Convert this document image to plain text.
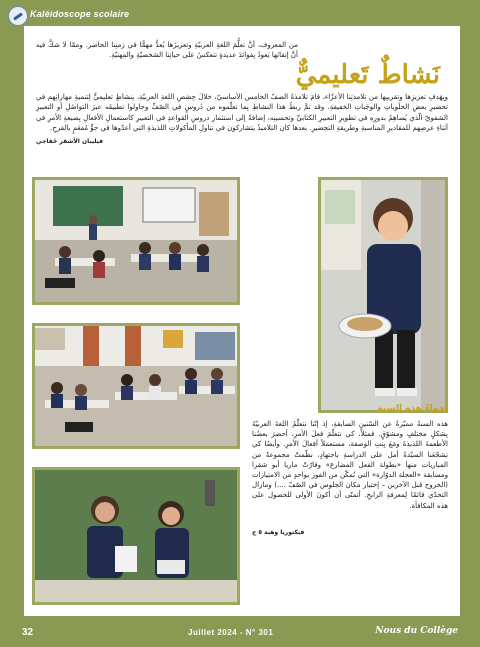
Kaléidoscope scolaire
نَشاطٌ تَعليميٌّ
من المعروف، أنَّ تعلُّمَ اللغةِ العربيّةِ وتعزيزَها يُعدُّ مهمًّا في زمنِنا الحاضر. وممّا لا شكَّ فيه أنَّ إتقانَها يَعودُ بِفوائدَ عديدةٍ تنعكسُ على حياتِنا الشخصيّةِ والمِهنيّةِ.
وبِهَدفِ تعزيزِها وتقريبِها من تلامذتِنا الأعزّاء، قامَ تلامذةُ الصفّ الخامس الأساسيّ، خلالَ حِصَصِ اللغةِ العربيّةِ، بِنشاطٍ تعليميٍّ لِتنميةِ مهاراتِهم في تحضيرِ بعضِ الحلَوياتِ والوجَباتِ الخفيفةِ. وقد تمَّ ربطُ هذا النشاطِ بِما تعلّموه من دُروسٍ في الصّفِّ وحاولوا تطبيقَه عبرَ التواصُلِ أو التعبيرِ الشفويّ الّذي يُساهِمُ بدورِهِ في تطويرِ التعبيرِ الكتابيِّ وتحسينِه، إضافةً إلى استثمارِ دروسِ القواعدِ في التعبيرِ كاستعمالِ الأفعالِ بِصيغةِ الأمرِ في أثناءِ عرضِهم للمقاديرِ المناسبةِ وطريقةِ التحضيرِ. بعدها كان التلاميذُ يتشاركون في تناولِ المأكولاتِ اللذيذةِ التي أعدّوها في جوٍّ مُفعَمٍ بالفرحِ.
فيليبان الأشقر خَفاجي
أجواءُ هذه السنةِ
هذه السنةُ مميّزةٌ عن السّنينِ السابقةِ، إذ إنّنا نتعلّمُ اللغةَ العربيّةَ بِشكلٍ مختلفٍ ومشوّقٍ. فمثلاً، كي نتعلّمَ فعلَ الأمرِ، أحضرَ بعضُنا الأطعمةَ اللذيذةَ ومَعَ بِنتِ الوصفة، مستعملاً أفعالَ الأمرِ. وأيضًا كي تشجّعَنا السيّدةُ أمل على الدراسةِ باجتهادٍ، نظّمتْ مجموعةً من المباريات منها «بطولة الفعل المضارع» وقارّتْ ماريا أبو شقرا ومسابقة «العجلة الدوّارة» التي تُمكّن من الفوز بواحدٍ من الامتيازات (الخروج قبل الآخرين – إختيار مكان الجلوس في الصّفّ ....) ومازال التحدّي قائمًا لِمعرفةِ الرابحِ. أتمنّى أن أكونَ الأولى للحصول على هذه المكافأة.
فيكتوريا وهبة ٥ ج
32	Juillet 2024 - N° 301	Nous du Collège
